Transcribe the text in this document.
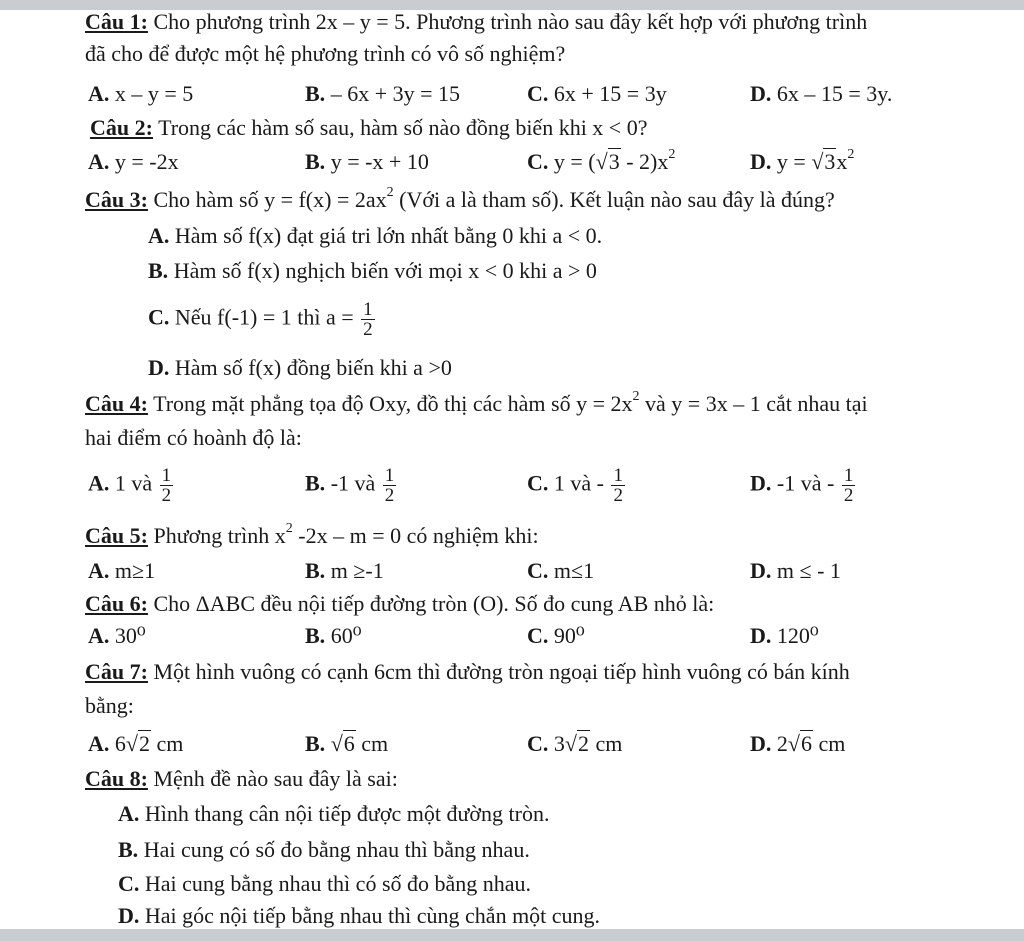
Câu 1: Cho phương trình 2x – y = 5. Phương trình nào sau đây kết hợp với phương trình
đã cho để được một hệ phương trình có vô số nghiệm?
A. x – y = 5	B. – 6x + 3y = 15	C. 6x + 15 = 3y	D. 6x – 15 = 3y.
Câu 2: Trong các hàm số sau, hàm số nào đồng biến khi x < 0?
A. y = -2x	B. y = -x + 10	C. $y = (√3 - 2)x^2$	D. $y = √3x^2$
Câu 3: Cho hàm số $y = f(x) = 2ax^2$ (Với a là tham số). Kết luận nào sau đây là đúng?
A. Hàm số f(x) đạt giá tri lớn nhất bằng 0 khi a < 0.
B. Hàm số f(x) nghịch biến với mọi x < 0 khi a > 0
C. Nếu f(-1) = 1 thì $a = \frac{1}{2}$
D. Hàm số f(x) đồng biến khi a >0
Câu 4: Trong mặt phẳng tọa độ Oxy, đồ thị các hàm số $y = 2x^2$ và y = 3x – 1 cắt nhau tại
hai điểm có hoành độ là:
A. 1 và $\frac{1}{2}$	B. -1 và $\frac{1}{2}$	C. 1 và - $\frac{1}{2}$	D. -1 và - $\frac{1}{2}$
Câu 5: Phương trình $x^2$ -2x – m = 0 có nghiệm khi:
A. m≥1	B. m ≥-1	C. m≤1	D. m ≤ - 1
Câu 6: Cho ΔABC đều nội tiếp đường tròn (O). Số đo cung AB nhỏ là:
A. 30⁰	B. 60⁰	C. 90⁰	D. 120⁰
Câu 7: Một hình vuông có cạnh 6cm thì đường tròn ngoại tiếp hình vuông có bán kính
bằng:
A. 6√2 cm	B. √6 cm	C. 3√2 cm	D. 2√6 cm
Câu 8: Mệnh đề nào sau đây là sai:
A. Hình thang cân nội tiếp được một đường tròn.
B. Hai cung có số đo bằng nhau thì bằng nhau.
C. Hai cung bằng nhau thì có số đo bằng nhau.
D. Hai góc nội tiếp bằng nhau thì cùng chắn một cung.
